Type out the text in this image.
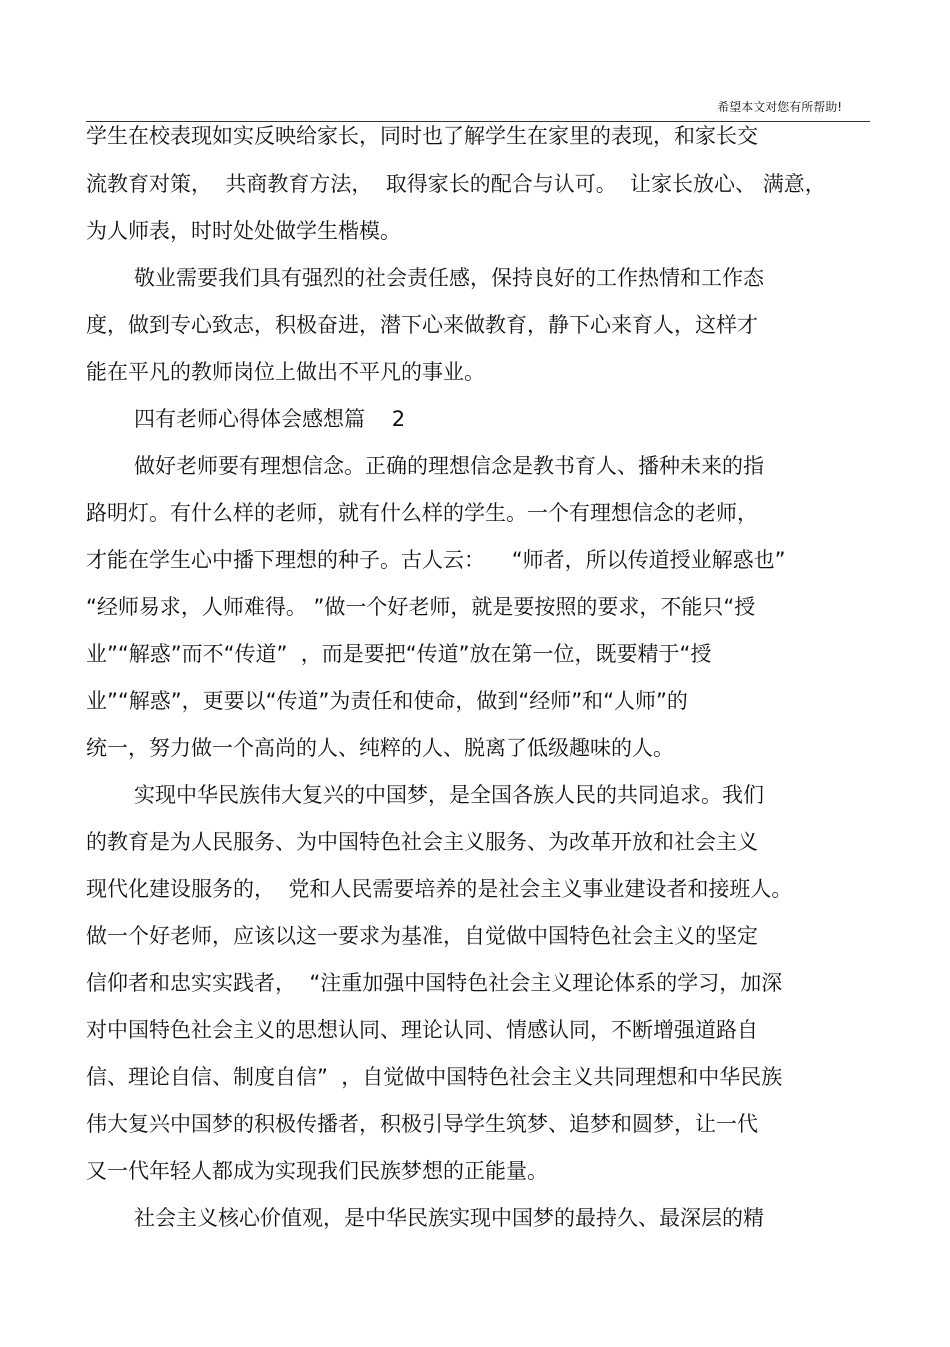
希望本文对您有所帮助!
学生在校表现如实反映给家长，同时也了解学生在家里的表现，和家长交
流教育对策，  共商教育方法，  取得家长的配合与认可。  让家长放心、 满意，
为人师表，时时处处做学生楷模。
敬业需要我们具有强烈的社会责任感，保持良好的工作热情和工作态
度，做到专心致志，积极奋进，潜下心来做教育，静下心来育人，这样才
能在平凡的教师岗位上做出不平凡的事业。
四有老师心得体会感想篇    2
做好老师要有理想信念。正确的理想信念是教书育人、播种未来的指
路明灯。有什么样的老师，就有什么样的学生。一个有理想信念的老师，
才能在学生心中播下理想的种子。古人云：    “师者，所以传道授业解惑也”
“经师易求，人师难得。 ”做一个好老师，就是要按照的要求，不能只“授
业”“解惑”而不“传道”  ，而是要把“传道”放在第一位，既要精于“授
业”“解惑”，更要以“传道”为责任和使命，做到“经师”和“人师”的
统一，努力做一个高尚的人、纯粹的人、脱离了低级趣味的人。
实现中华民族伟大复兴的中国梦，是全国各族人民的共同追求。我们
的教育是为人民服务、为中国特色社会主义服务、为改革开放和社会主义
现代化建设服务的，  党和人民需要培养的是社会主义事业建设者和接班人。
做一个好老师，应该以这一要求为基准，自觉做中国特色社会主义的坚定
信仰者和忠实实践者，  “注重加强中国特色社会主义理论体系的学习，加深
对中国特色社会主义的思想认同、理论认同、情感认同，不断增强道路自
信、理论自信、制度自信”  ，自觉做中国特色社会主义共同理想和中华民族
伟大复兴中国梦的积极传播者，积极引导学生筑梦、追梦和圆梦，让一代
又一代年轻人都成为实现我们民族梦想的正能量。
社会主义核心价值观，是中华民族实现中国梦的最持久、最深层的精
